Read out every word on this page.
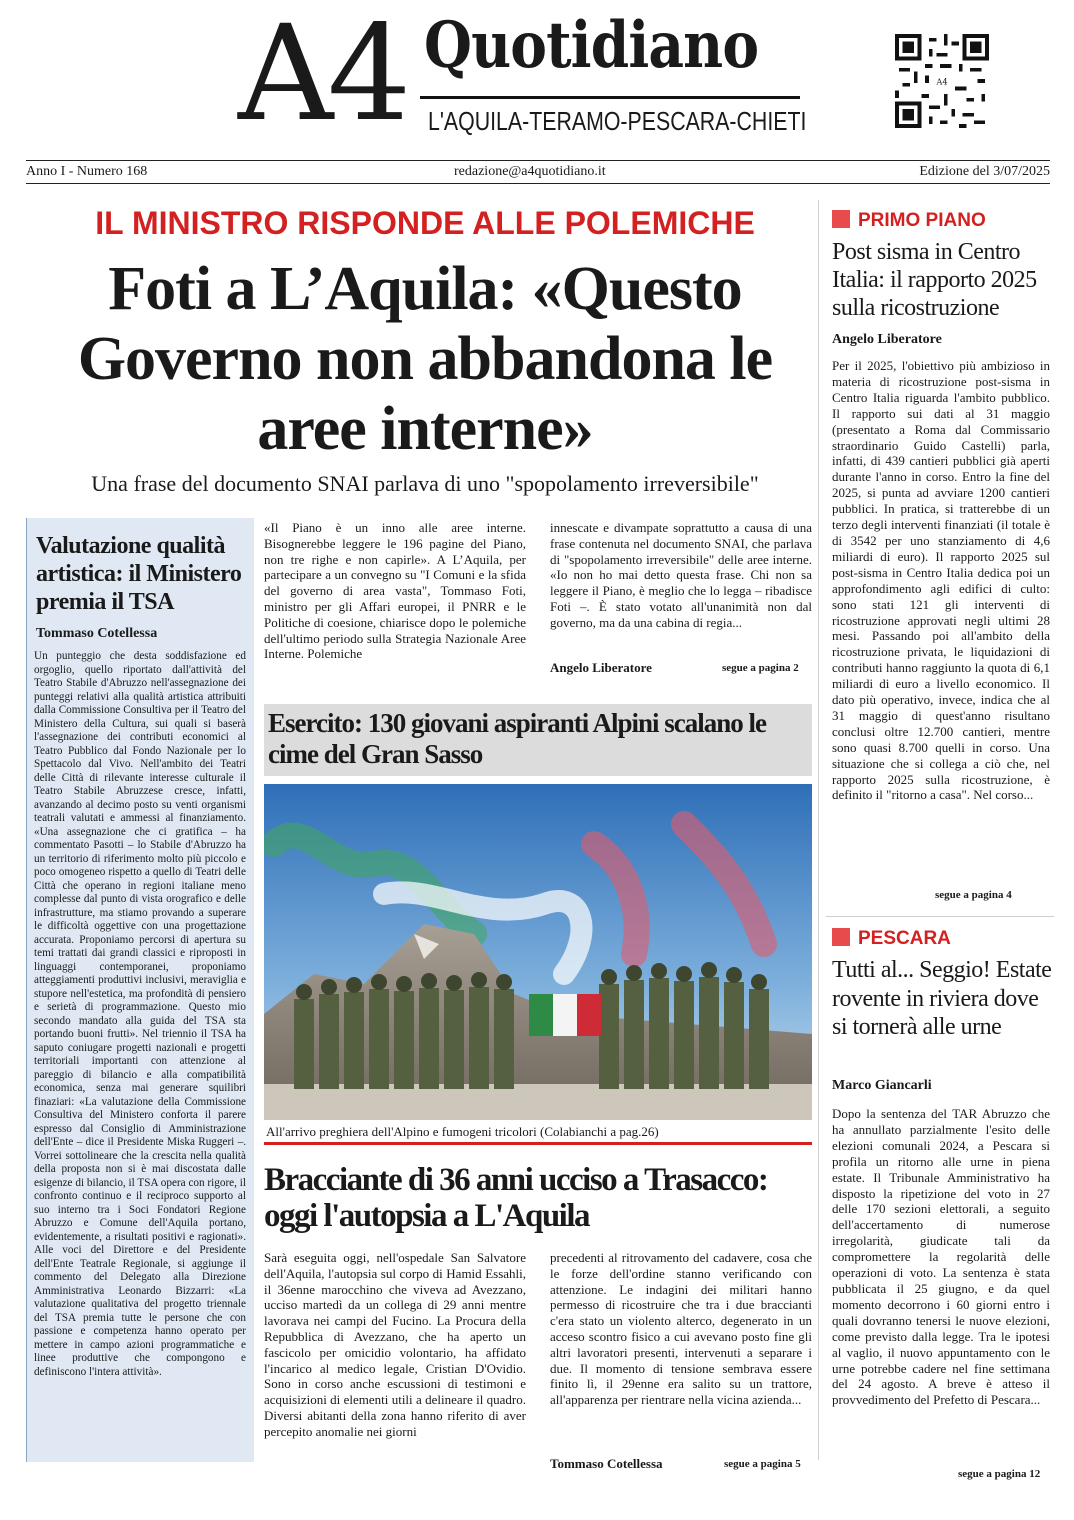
A4 Quotidiano
L'AQUILA-TERAMO-PESCARA-CHIETI
A4
Anno I - Numero 168	redazione@a4quotidiano.it	Edizione del 3/07/2025
IL MINISTRO RISPONDE ALLE POLEMICHE
Foti a L’Aquila: «Questo Governo non abbandona le aree interne»
Una frase del documento SNAI parlava di uno "spopolamento irreversibile"
Valutazione qualità artistica: il Ministero premia il TSA
Tommaso Cotellessa
Un punteggio che desta soddisfazione ed orgoglio, quello riportato dall'attività del Teatro Stabile d'Abruzzo nell'assegnazione dei punteggi relativi alla qualità artistica attribuiti dalla Commissione Consultiva per il Teatro del Ministero della Cultura, sui quali si baserà l'assegnazione dei contributi economici al Teatro Pubblico dal Fondo Nazionale per lo Spettacolo dal Vivo. Nell'ambito dei Teatri delle Città di rilevante interesse culturale il Teatro Stabile Abruzzese cresce, infatti, avanzando al decimo posto su venti organismi teatrali valutati e ammessi al finanziamento. «Una assegnazione che ci gratifica – ha commentato Pasotti – lo Stabile d'Abruzzo ha un territorio di riferimento molto più piccolo e poco omogeneo rispetto a quello di Teatri delle Città che operano in regioni italiane meno complesse dal punto di vista orografico e delle infrastrutture, ma stiamo provando a superare le difficoltà oggettive con una progettazione accurata. Proponiamo percorsi di apertura su temi trattati dai grandi classici e riproposti in linguaggi contemporanei, proponiamo atteggiamenti produttivi inclusivi, meraviglia e stupore nell'estetica, ma profondità di pensiero e serietà di programmazione. Questo mio secondo mandato alla guida del TSA sta portando buoni frutti». Nel triennio il TSA ha saputo coniugare progetti nazionali e progetti territoriali importanti con attenzione al pareggio di bilancio e alla compatibilità economica, senza mai generare squilibri finaziari: «La valutazione della Commissione Consultiva del Ministero conforta il parere espresso dal Consiglio di Amministrazione dell'Ente – dice il Presidente Miska Ruggeri –. Vorrei sottolineare che la crescita nella qualità della proposta non si è mai discostata dalle esigenze di bilancio, il TSA opera con rigore, il confronto continuo e il reciproco supporto al suo interno tra i Soci Fondatori Regione Abruzzo e Comune dell'Aquila portano, evidentemente, a risultati positivi e ragionati». Alle voci del Direttore e del Presidente dell'Ente Teatrale Regionale, si aggiunge il commento del Delegato alla Direzione Amministrativa Leonardo Bizzarri: «La valutazione qualitativa del progetto triennale del TSA premia tutte le persone che con passione e competenza hanno operato per mettere in campo azioni programmatiche e linee produttive che compongono e definiscono l'intera attività».
«Il Piano è un inno alle aree interne. Bisognerebbe leggere le 196 pagine del Piano, non tre righe e non capirle». A L’Aquila, per partecipare a un convegno su "I Comuni e la sfida del governo di area vasta", Tommaso Foti, ministro per gli Affari europei, il PNRR e le Politiche di coesione, chiarisce dopo le polemiche dell'ultimo periodo sulla Strategia Nazionale Aree Interne. Polemiche
innescate e divampate soprattutto a causa di una frase contenuta nel documento SNAI, che parlava di "spopolamento irreversibile" delle aree interne. «Io non ho mai detto questa frase. Chi non sa leggere il Piano, è meglio che lo legga – ribadisce Foti –. È stato votato all'unanimità non dal governo, ma da una cabina di regia...
Angelo Liberatore	segue a pagina 2
Esercito: 130 giovani aspiranti Alpini scalano le cime del Gran Sasso
All'arrivo preghiera dell'Alpino e fumogeni tricolori (Colabianchi a pag.26)
Bracciante di 36 anni ucciso a Trasacco: oggi l'autopsia a L'Aquila
Sarà eseguita oggi, nell'ospedale San Salvatore dell'Aquila, l'autopsia sul corpo di Hamid Essahli, il 36enne marocchino che viveva ad Avezzano, ucciso martedì da un collega di 29 anni mentre lavorava nei campi del Fucino. La Procura della Repubblica di Avezzano, che ha aperto un fascicolo per omicidio volontario, ha affidato l'incarico al medico legale, Cristian D'Ovidio. Sono in corso anche escussioni di testimoni e acquisizioni di elementi utili a delineare il quadro. Diversi abitanti della zona hanno riferito di aver percepito anomalie nei giorni
precedenti al ritrovamento del cadavere, cosa che le forze dell'ordine stanno verificando con attenzione. Le indagini dei militari hanno permesso di ricostruire che tra i due braccianti c'era stato un violento alterco, degenerato in un acceso scontro fisico a cui avevano posto fine gli altri lavoratori presenti, intervenuti a separare i due. Il momento di tensione sembrava essere finito lì, il 29enne era salito su un trattore, all'apparenza per rientrare nella vicina azienda...
Tommaso Cotellessa	segue a pagina 5
PRIMO PIANO
Post sisma in Centro Italia: il rapporto 2025 sulla ricostruzione
Angelo Liberatore
Per il 2025, l'obiettivo più ambizioso in materia di ricostruzione post-sisma in Centro Italia riguarda l'ambito pubblico. Il rapporto sui dati al 31 maggio (presentato a Roma dal Commissario straordinario Guido Castelli) parla, infatti, di 439 cantieri pubblici già aperti durante l'anno in corso. Entro la fine del 2025, si punta ad avviare 1200 cantieri pubblici. In pratica, si tratterebbe di un terzo degli interventi finanziati (il totale è di 3542 per uno stanziamento di 4,6 miliardi di euro). Il rapporto 2025 sul post-sisma in Centro Italia dedica poi un approfondimento agli edifici di culto: sono stati 121 gli interventi di ricostruzione approvati negli ultimi 28 mesi. Passando poi all'ambito della ricostruzione privata, le liquidazioni di contributi hanno raggiunto la quota di 6,1 miliardi di euro a livello economico. Il dato più operativo, invece, indica che al 31 maggio di quest'anno risultano conclusi oltre 12.700 cantieri, mentre sono quasi 8.700 quelli in corso. Una situazione che si collega a ciò che, nel rapporto 2025 sulla ricostruzione, è definito il "ritorno a casa". Nel corso...
segue a pagina 4
PESCARA
Tutti al... Seggio! Estate rovente in riviera dove si tornerà alle urne
Marco Giancarli
Dopo la sentenza del TAR Abruzzo che ha annullato parzialmente l'esito delle elezioni comunali 2024, a Pescara si profila un ritorno alle urne in piena estate. Il Tribunale Amministrativo ha disposto la ripetizione del voto in 27 delle 170 sezioni elettorali, a seguito dell'accertamento di numerose irregolarità, giudicate tali da compromettere la regolarità delle operazioni di voto. La sentenza è stata pubblicata il 25 giugno, e da quel momento decorrono i 60 giorni entro i quali dovranno tenersi le nuove elezioni, come previsto dalla legge. Tra le ipotesi al vaglio, il nuovo appuntamento con le urne potrebbe cadere nel fine settimana del 24 agosto. A breve è atteso il provvedimento del Prefetto di Pescara...
segue a pagina 12
